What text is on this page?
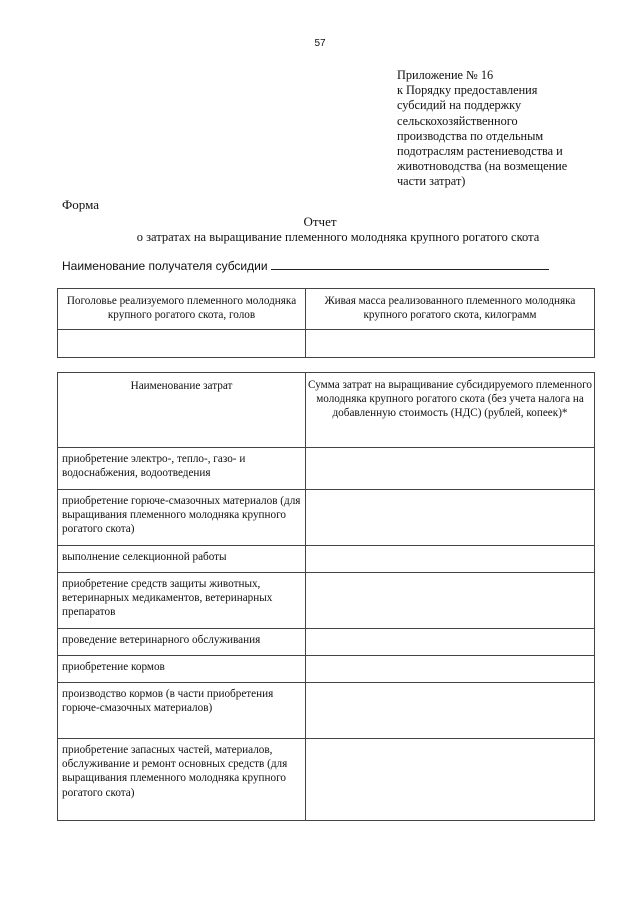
57
Приложение № 16
к Порядку предоставления
субсидий на поддержку
сельскохозяйственного
производства по отдельным
подотраслям растениеводства и
животноводства (на возмещение
части затрат)
Форма
Отчет
о затратах на выращивание племенного молодняка крупного рогатого скота
Наименование получателя субсидии
Поголовье реализуемого племенного молодняка крупного рогатого скота, голов	Живая масса реализованного племенного молодняка крупного рогатого скота, килограмм

Наименование затрат	Сумма затрат на выращивание субсидируемого племенного молодняка крупного рогатого скота (без учета налога на добавленную стоимость (НДС) (рублей, копеек)*
приобретение электро-, тепло-, газо- и водоснабжения, водоотведения	
приобретение горюче-смазочных материалов (для выращивания племенного молодняка крупного рогатого скота)	
выполнение селекционной работы	
приобретение средств защиты животных, ветеринарных медикаментов, ветеринарных препаратов	
проведение ветеринарного обслуживания	
приобретение кормов	
производство кормов (в части приобретения горюче-смазочных материалов)	
приобретение запасных частей, материалов, обслуживание и ремонт основных средств (для выращивания племенного молодняка крупного рогатого скота)	
